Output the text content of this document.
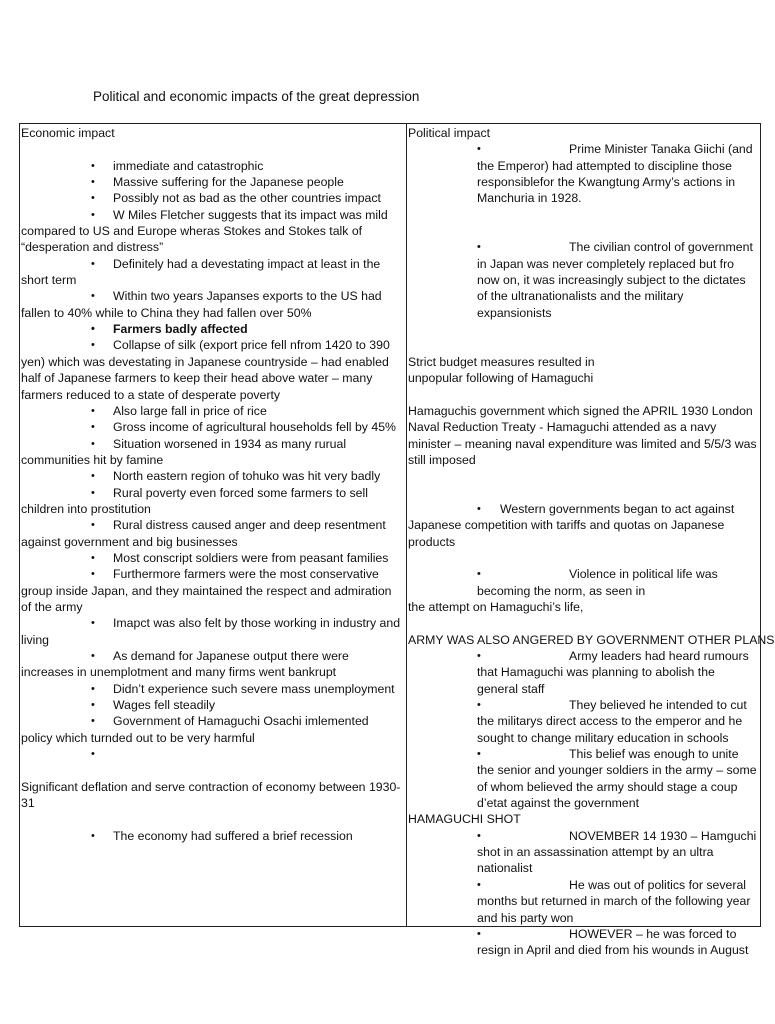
Political and economic impacts of the great depression
Economic impact
• immediate and catastrophic
• Massive suffering for the Japanese people
• Possibly not as bad as the other countries impact
• W Miles Fletcher suggests that its impact was mild compared to US and Europe wheras Stokes and Stokes talk of “desperation and distress”
• Definitely had a devestating impact at least in the short term
• Within two years Japanses exports to the US had fallen to 40% while to China they had fallen over 50%
• Farmers badly affected
• Collapse of silk (export price fell nfrom 1420 to 390 yen) which was devestating in Japanese countryside – had enabled half of Japanese farmers to keep their head above water – many farmers reduced to a state of desperate poverty
• Also large fall in price of rice
• Gross income of agricultural households fell by 45%
• Situation worsened in 1934 as many rurual communities hit by famine
• North eastern region of tohuko was hit very badly
• Rural poverty even forced some farmers to sell children into prostitution
• Rural distress caused anger and deep resentment against government and big businesses
• Most conscript soldiers were from peasant families
• Furthermore farmers were the most conservative group inside Japan, and they maintained the respect and admiration of the army
• Imapct was also felt by those working in industry and living
• As demand for Japanese output there were increases in unemplotment and many firms went bankrupt
• Didn’t experience such severe mass unemployment
• Wages fell steadily
• Government of Hamaguchi Osachi imlemented policy which turnded out to be very harmful
•
Significant deflation and serve contraction of economy between 1930-31
• The economy had suffered a brief recession
Political impact
• Prime Minister Tanaka Giichi (and the Emperor) had attempted to discipline those responsiblefor the Kwangtung Army’s actions in Manchuria in 1928.
• The civilian control of government in Japan was never completely replaced but fro now on, it was increasingly subject to the dictates of the ultranationalists and the military expansionists
Strict budget measures resulted in unpopular following of Hamaguchi
Hamaguchis government which signed the APRIL 1930 London Naval Reduction Treaty - Hamaguchi attended as a navy minister – meaning naval expenditure was limited and 5/5/3 was still imposed
• Western governments began to act against Japanese competition with tariffs and quotas on Japanese products
• Violence in political life was becoming the norm, as seen in
the attempt on Hamaguchi’s life,
ARMY WAS ALSO ANGERED BY GOVERNMENT OTHER PLANS
• Army leaders had heard rumours that Hamaguchi was planning to abolish the general staff
• They believed he intended to cut the militarys direct access to the emperor and he sought to change military education in schools
• This belief was enough to unite the senior and younger soldiers in the army – some of whom believed the army should stage a coup d’etat against the government
HAMAGUCHI SHOT
• NOVEMBER 14 1930 – Hamguchi shot in an assassination attempt by an ultra nationalist
• He was out of politics for several months but returned in march of the following year and his party won
• HOWEVER – he was forced to resign in April and died from his wounds in August
